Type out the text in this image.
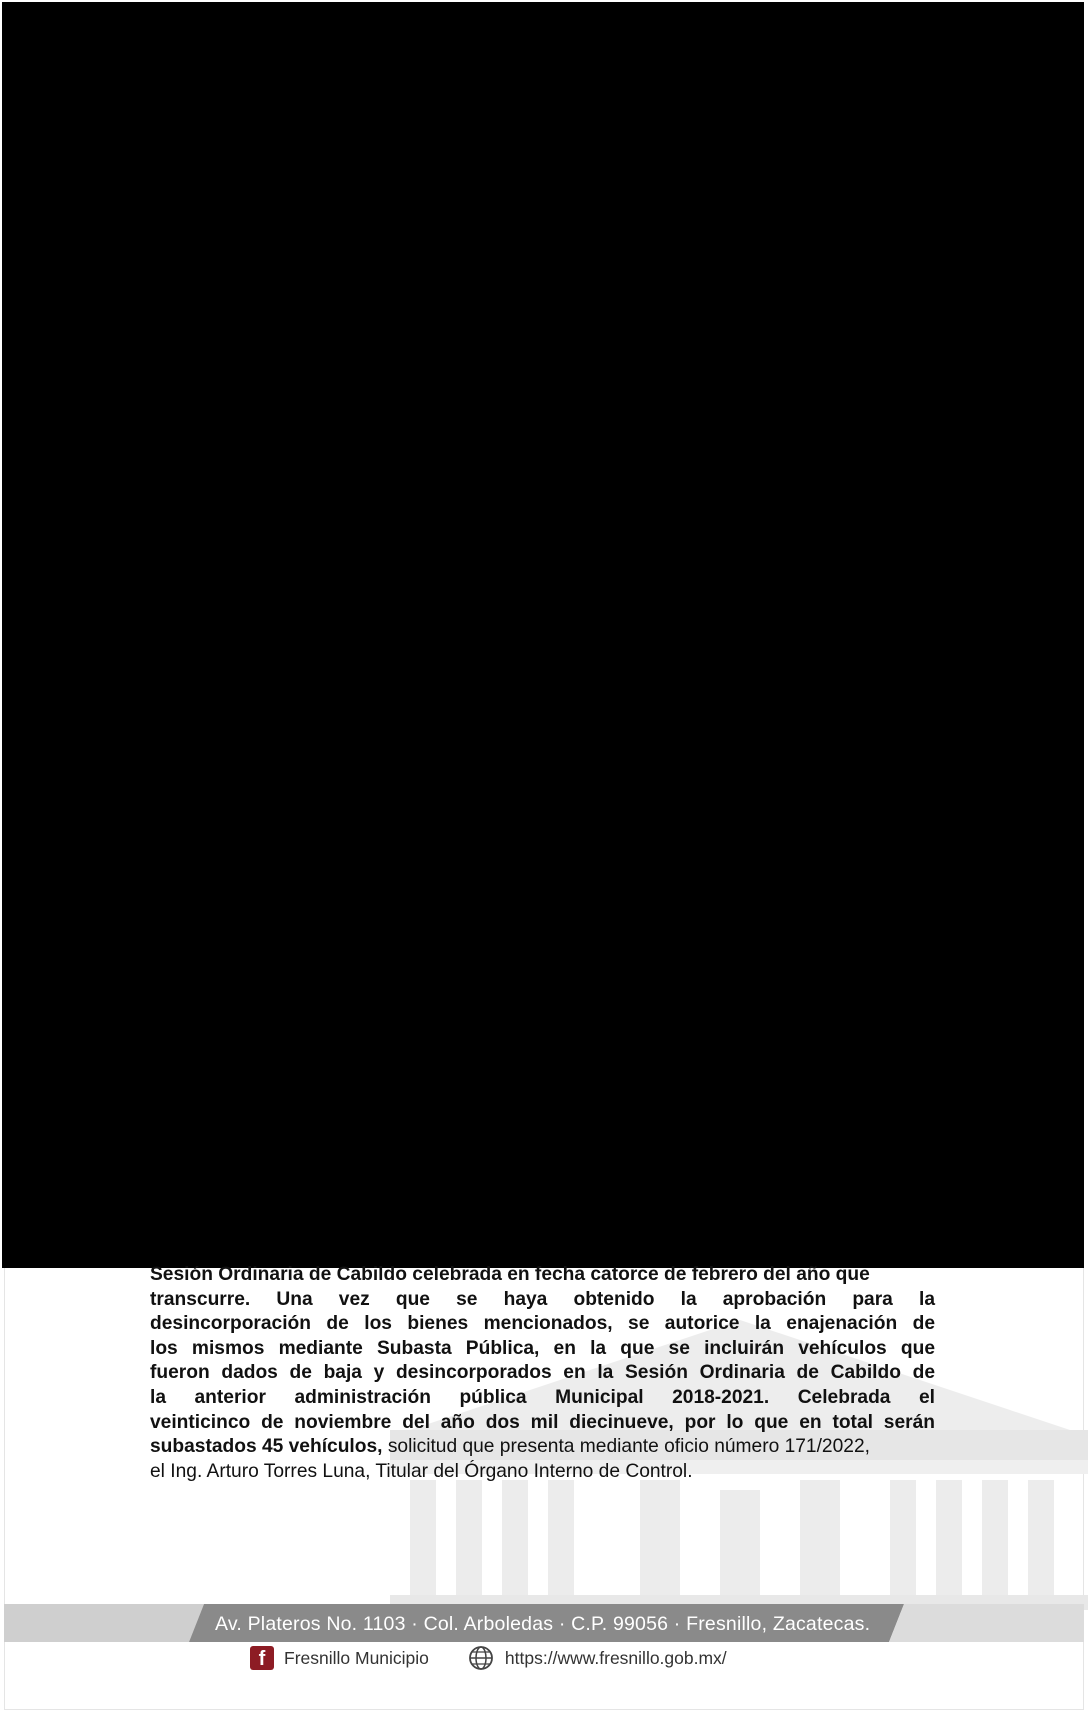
Sesión Ordinaria de Cabildo celebrada en fecha catorce de febrero del año que
transcurre. Una vez que se haya obtenido la aprobación para la
desincorporación de los bienes mencionados, se autorice la enajenación de
los mismos mediante Subasta Pública, en la que se incluirán vehículos que
fueron dados de baja y desincorporados en la Sesión Ordinaria de Cabildo de
la anterior administración pública Municipal 2018-2021. Celebrada el
veinticinco de noviembre del año dos mil diecinueve, por lo que en total serán
subastados 45 vehículos, solicitud que presenta mediante oficio número 171/2022,
el Ing. Arturo Torres Luna, Titular del Órgano Interno de Control.
Av. Plateros No. 1103 · Col. Arboledas · C.P. 99056 · Fresnillo, Zacatecas.
f	Fresnillo Municipio	https://www.fresnillo.gob.mx/
